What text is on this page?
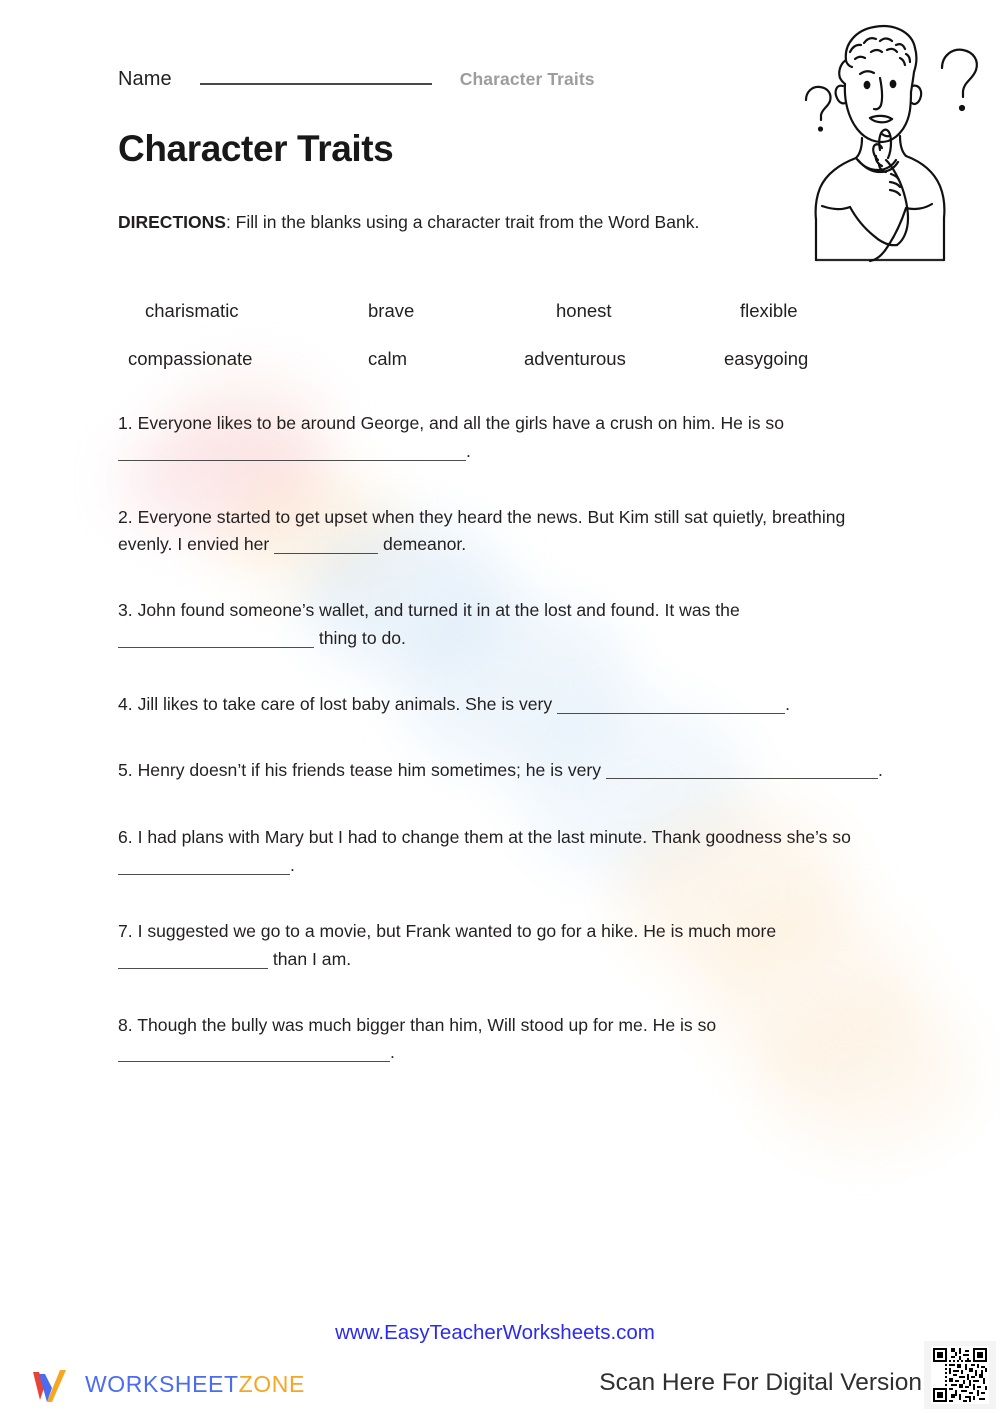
Name	Character Traits
Character Traits
DIRECTIONS: Fill in the blanks using a character trait from the Word Bank.
charismatic	brave	honest	flexible
compassionate	calm	adventurous	easygoing
1. Everyone likes to be around George, and all the girls have a crush on him. He is so .
2. Everyone started to get upset when they heard the news. But Kim still sat quietly, breathing evenly. I envied her	demeanor.
3. John found someone’s wallet, and turned it in at the lost and found. It was the  thing to do.
4. Jill likes to take care of lost baby animals. She is very	.
5. Henry doesn’t if his friends tease him sometimes; he is very	.
6. I had plans with Mary but I had to change them at the last minute. Thank goodness she’s so .
7. I suggested we go to a movie, but Frank wanted to go for a hike. He is much more  than I am.
8. Though the bully was much bigger than him, Will stood up for me. He is so .
www.EasyTeacherWorksheets.com
Scan Here For Digital Version
WORKSHEETZONE
